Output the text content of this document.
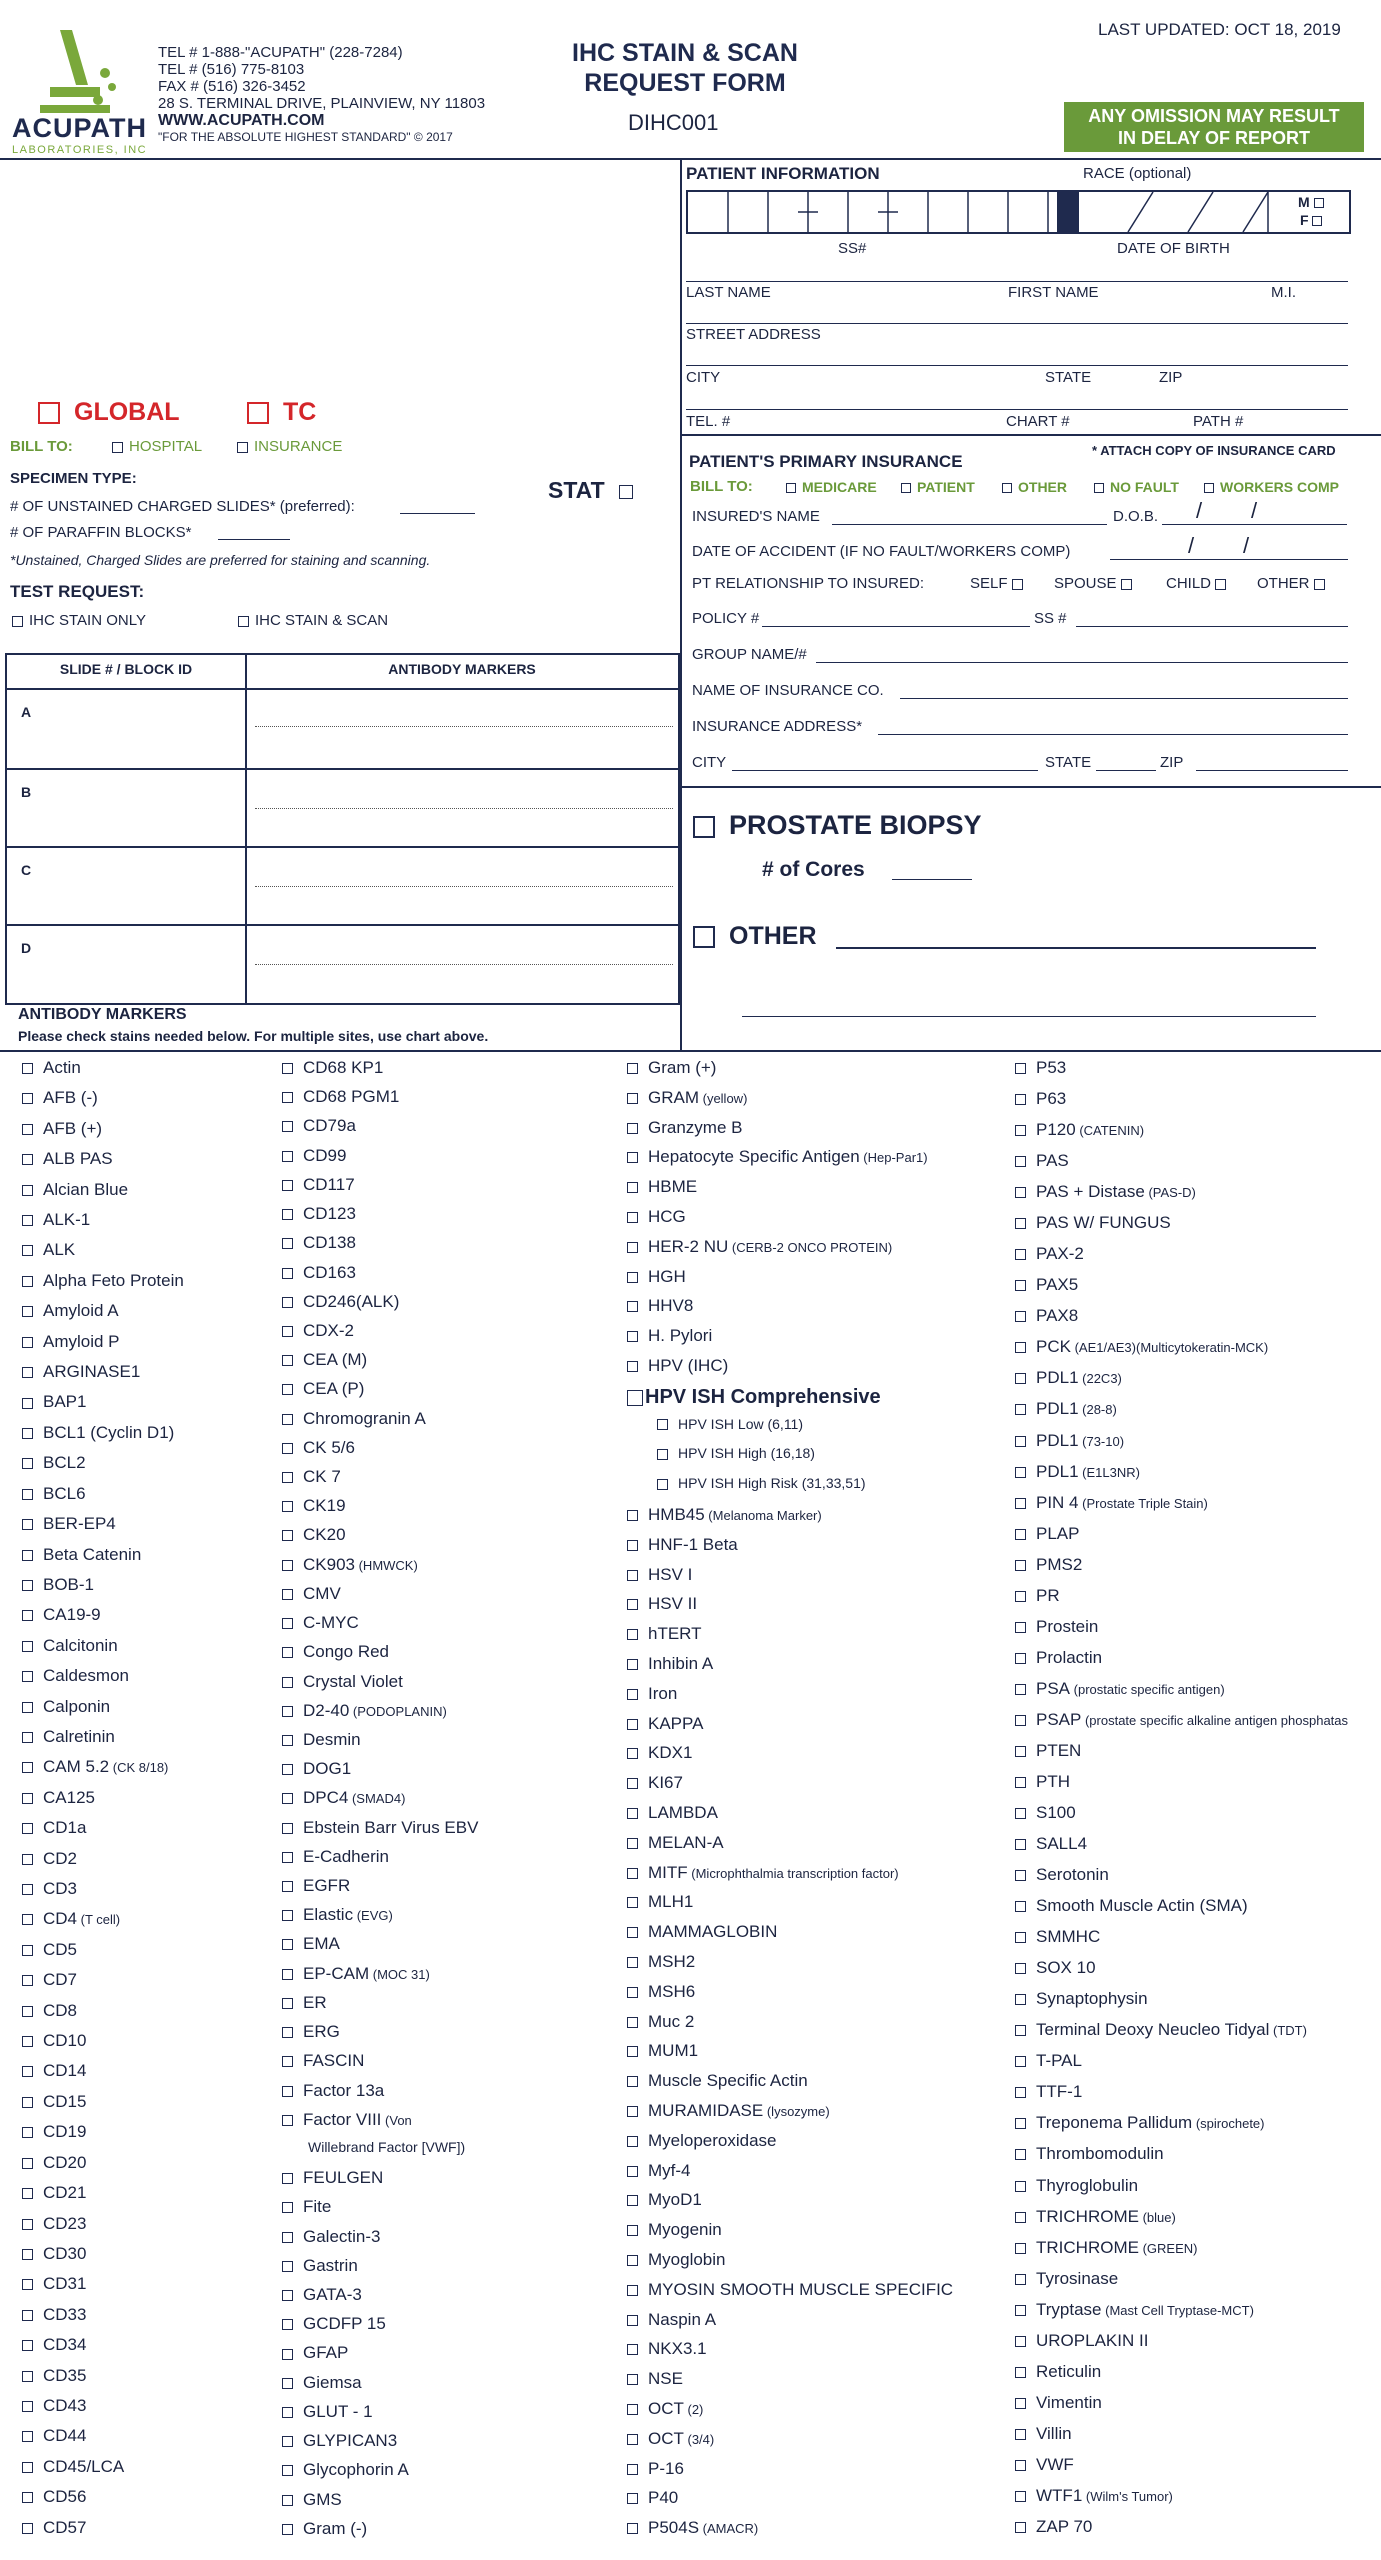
ACUPATH
LABORATORIES, INC
TEL # 1-888-"ACUPATH" (228-7284)
TEL # (516) 775-8103
FAX # (516) 326-3452
28 S. TERMINAL DRIVE, PLAINVIEW, NY 11803
WWW.ACUPATH.COM
"FOR THE ABSOLUTE HIGHEST STANDARD" © 2017
IHC STAIN & SCAN
REQUEST FORM
DIHC001
LAST UPDATED: OCT 18, 2019
ANY OMISSION MAY RESULT
IN DELAY OF REPORT
GLOBAL	TC
BILL TO:	HOSPITAL	INSURANCE
SPECIMEN TYPE:	STAT
# OF UNSTAINED CHARGED SLIDES* (preferred):
# OF PARAFFIN BLOCKS*
*Unstained, Charged Slides are preferred for staining and scanning.
TEST REQUEST:
IHC STAIN ONLY	IHC STAIN & SCAN
SLIDE # / BLOCK ID	ANTIBODY MARKERS
A
B
C
D
ANTIBODY MARKERS
Please check stains needed below. For multiple sites, use chart above.
PATIENT INFORMATION	RACE (optional)
M
F
SS#	DATE OF BIRTH
LAST NAME	FIRST NAME	M.I.
STREET ADDRESS
CITY	STATE	ZIP
TEL. #	CHART #	PATH #
PATIENT'S PRIMARY INSURANCE
* ATTACH COPY OF INSURANCE CARD
BILL TO:	MEDICARE	PATIENT	OTHER	NO FAULT	WORKERS COMP
INSURED'S NAME	D.O.B. /        /
DATE OF ACCIDENT (IF NO FAULT/WORKERS COMP)	/        /
PT RELATIONSHIP TO INSURED:	SELF	SPOUSE	CHILD	OTHER
POLICY #	SS #
GROUP NAME/#
NAME OF INSURANCE CO.
INSURANCE ADDRESS*
CITY	STATE	ZIP
PROSTATE BIOPSY
# of Cores
OTHER
Actin
AFB (-)
AFB (+)
ALB PAS
Alcian Blue
ALK-1
ALK
Alpha Feto Protein
Amyloid A
Amyloid P
ARGINASE1
BAP1
BCL1 (Cyclin D1)
BCL2
BCL6
BER-EP4
Beta Catenin
BOB-1
CA19-9
Calcitonin
Caldesmon
Calponin
Calretinin
CAM 5.2 (CK 8/18)
CA125
CD1a
CD2
CD3
CD4 (T cell)
CD5
CD7
CD8
CD10
CD14
CD15
CD19
CD20
CD21
CD23
CD30
CD31
CD33
CD34
CD35
CD43
CD44
CD45/LCA
CD56
CD57
CD68 KP1
CD68 PGM1
CD79a
CD99
CD117
CD123
CD138
CD163
CD246(ALK)
CDX-2
CEA (M)
CEA (P)
Chromogranin A
CK 5/6
CK 7
CK19
CK20
CK903 (HMWCK)
CMV
C-MYC
Congo Red
Crystal Violet
D2-40 (PODOPLANIN)
Desmin
DOG1
DPC4 (SMAD4)
Ebstein Barr Virus EBV
E-Cadherin
EGFR
Elastic (EVG)
EMA
EP-CAM (MOC 31)
ER
ERG
FASCIN
Factor 13a
Factor VIII (Von
Willebrand Factor [VWF])
FEULGEN
Fite
Galectin-3
Gastrin
GATA-3
GCDFP 15
GFAP
Giemsa
GLUT - 1
GLYPICAN3
Glycophorin A
GMS
Gram (-)
Gram (+)
GRAM (yellow)
Granzyme B
Hepatocyte Specific Antigen (Hep-Par1)
HBME
HCG
HER-2 NU (CERB-2 ONCO PROTEIN)
HGH
HHV8
H. Pylori
HPV (IHC)
HPV ISH Comprehensive
HPV ISH Low (6,11)
HPV ISH High (16,18)
HPV ISH High Risk (31,33,51)
HMB45 (Melanoma Marker)
HNF-1 Beta
HSV I
HSV II
hTERT
Inhibin A
Iron
KAPPA
KDX1
KI67
LAMBDA
MELAN-A
MITF (Microphthalmia transcription factor)
MLH1
MAMMAGLOBIN
MSH2
MSH6
Muc 2
MUM1
Muscle Specific Actin
MURAMIDASE (lysozyme)
Myeloperoxidase
Myf-4
MyoD1
Myogenin
Myoglobin
MYOSIN SMOOTH MUSCLE SPECIFIC
Naspin A
NKX3.1
NSE
OCT (2)
OCT (3/4)
P-16
P40
P504S (AMACR)
P53
P63
P120 (CATENIN)
PAS
PAS + Distase (PAS-D)
PAS W/ FUNGUS
PAX-2
PAX5
PAX8
PCK (AE1/AE3)(Multicytokeratin-MCK)
PDL1 (22C3)
PDL1 (28-8)
PDL1 (73-10)
PDL1 (E1L3NR)
PIN 4 (Prostate Triple Stain)
PLAP
PMS2
PR
Prostein
Prolactin
PSA (prostatic specific antigen)
PSAP (prostate specific alkaline antigen phosphatas
PTEN
PTH
S100
SALL4
Serotonin
Smooth Muscle Actin (SMA)
SMMHC
SOX 10
Synaptophysin
Terminal Deoxy Neucleo Tidyal (TDT)
T-PAL
TTF-1
Treponema Pallidum (spirochete)
Thrombomodulin
Thyroglobulin
TRICHROME (blue)
TRICHROME (GREEN)
Tyrosinase
Tryptase (Mast Cell Tryptase-MCT)
UROPLAKIN II
Reticulin
Vimentin
Villin
VWF
WTF1 (Wilm's Tumor)
ZAP 70
